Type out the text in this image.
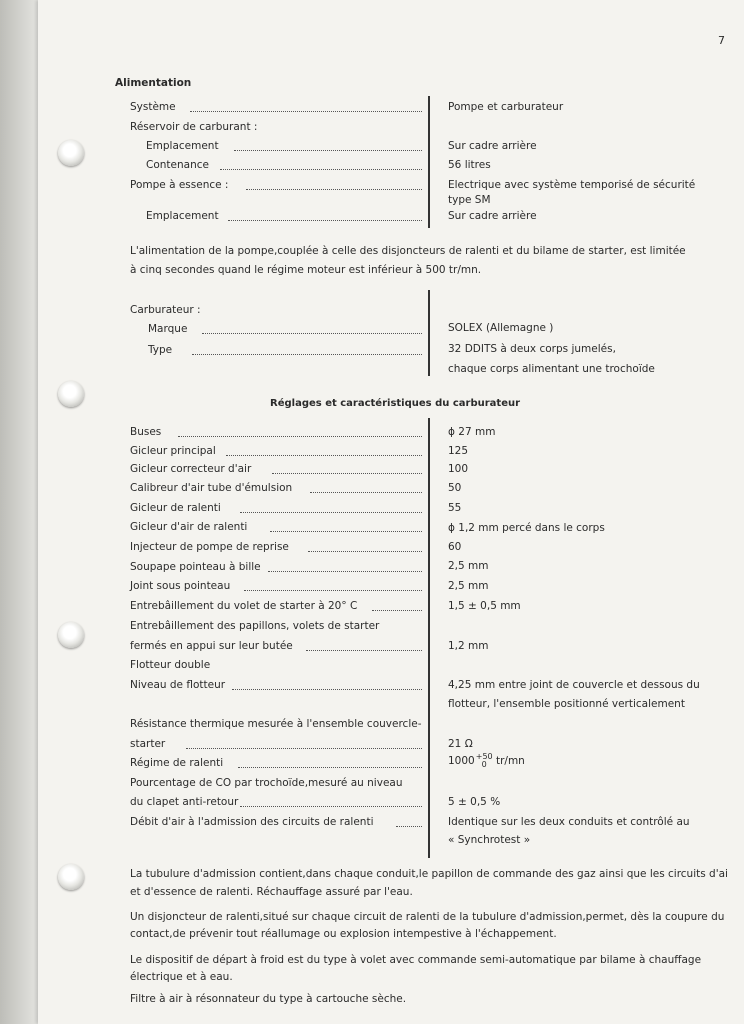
7
Alimentation
Système	Pompe et carburateur
Réservoir de carburant :
Emplacement	Sur cadre arrière
Contenance	56 litres
Pompe à essence :	Electrique avec système temporisé de sécurité
type SM
Emplacement	Sur cadre arrière
L'alimentation de la pompe,couplée à celle des disjoncteurs de ralenti et du bilame de starter, est limitée
à cinq secondes quand le régime moteur est inférieur à 500 tr/mn.
Carburateur :
Marque	SOLEX (Allemagne )
Type	32 DDITS à deux corps jumelés,
chaque corps alimentant une trochoïde
Réglages et caractéristiques du carburateur
Buses	ɸ 27 mm
Gicleur principal	125
Gicleur correcteur d'air	100
Calibreur d'air tube d'émulsion	50
Gicleur de ralenti	55
Gicleur d'air de ralenti	ɸ 1,2 mm percé dans le corps
Injecteur de pompe de reprise	60
Soupape pointeau à bille	2,5 mm
Joint sous pointeau	2,5 mm
Entrebâillement du volet de starter à 20° C	1,5 ± 0,5 mm
Entrebâillement des papillons, volets de starter
fermés en appui sur leur butée	1,2 mm
Flotteur double
Niveau de flotteur	4,25 mm entre joint de couvercle et dessous du
flotteur, l'ensemble positionné verticalement
Résistance thermique mesurée à l'ensemble couvercle-
starter	21 Ω
Régime de ralenti	1000 +50
0 tr/mn
Pourcentage de CO par trochoïde,mesuré au niveau
du clapet anti-retour	5 ± 0,5 %
Débit d'air à l'admission des circuits de ralenti	Identique sur les deux conduits et contrôlé au
« Synchrotest »
La tubulure d'admission contient,dans chaque conduit,le papillon de commande des gaz ainsi que les circuits d'ai
et d'essence de ralenti. Réchauffage assuré par l'eau.
Un disjoncteur de ralenti,situé sur chaque circuit de ralenti de la tubulure d'admission,permet, dès la coupure du
contact,de prévenir tout réallumage ou explosion intempestive à l'échappement.
Le dispositif de départ à froid est du type à volet avec commande semi-automatique par bilame à chauffage
électrique et à eau.
Filtre à air à résonnateur du type à cartouche sèche.
